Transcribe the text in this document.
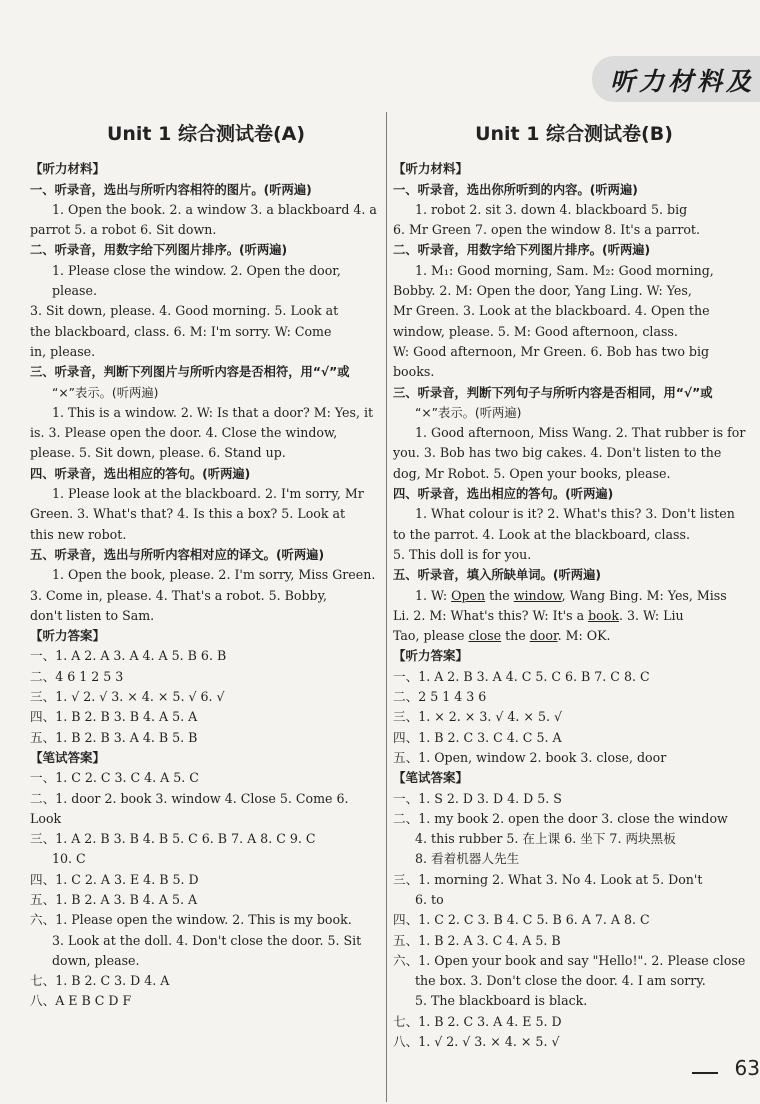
听力材料及
Unit 1 综合测试卷(A)
【听力材料】
一、听录音，选出与所听内容相符的图片。(听两遍)
1. Open the book. 2. a window 3. a blackboard 4. a
parrot 5. a robot 6. Sit down.
二、听录音，用数字给下列图片排序。(听两遍)
1. Please close the window. 2. Open the door, please.
3. Sit down, please. 4. Good morning. 5. Look at
the blackboard, class. 6. M: I'm sorry. W: Come
in, please.
三、听录音，判断下列图片与所听内容是否相符，用“√”或
“×”表示。(听两遍)
1. This is a window. 2. W: Is that a door? M: Yes, it
is. 3. Please open the door. 4. Close the window,
please. 5. Sit down, please. 6. Stand up.
四、听录音，选出相应的答句。(听两遍)
1. Please look at the blackboard. 2. I'm sorry, Mr
Green. 3. What's that? 4. Is this a box? 5. Look at
this new robot.
五、听录音，选出与所听内容相对应的译文。(听两遍)
1. Open the book, please. 2. I'm sorry, Miss Green.
3. Come in, please. 4. That's a robot. 5. Bobby,
don't listen to Sam.
【听力答案】
一、1. A 2. A 3. A 4. A 5. B 6. B
二、4 6 1 2 5 3
三、1. √ 2. √ 3. × 4. × 5. √ 6. √
四、1. B 2. B 3. B 4. A 5. A
五、1. B 2. B 3. A 4. B 5. B
【笔试答案】
一、1. C 2. C 3. C 4. A 5. C
二、1. door 2. book 3. window 4. Close 5. Come 6. Look
三、1. A 2. B 3. B 4. B 5. C 6. B 7. A 8. C 9. C
10. C
四、1. C 2. A 3. E 4. B 5. D
五、1. B 2. A 3. B 4. A 5. A
六、1. Please open the window. 2. This is my book.
3. Look at the doll. 4. Don't close the door. 5. Sit
down, please.
七、1. B 2. C 3. D 4. A
八、A E B C D F
Unit 1 综合测试卷(B)
【听力材料】
一、听录音，选出你所听到的内容。(听两遍)
1. robot 2. sit 3. down 4. blackboard 5. big
6. Mr Green 7. open the window 8. It's a parrot.
二、听录音，用数字给下列图片排序。(听两遍)
1. M₁: Good morning, Sam. M₂: Good morning,
Bobby. 2. M: Open the door, Yang Ling. W: Yes,
Mr Green. 3. Look at the blackboard. 4. Open the
window, please. 5. M: Good afternoon, class.
W: Good afternoon, Mr Green. 6. Bob has two big
books.
三、听录音，判断下列句子与所听内容是否相同，用“√”或
“×”表示。(听两遍)
1. Good afternoon, Miss Wang. 2. That rubber is for
you. 3. Bob has two big cakes. 4. Don't listen to the
dog, Mr Robot. 5. Open your books, please.
四、听录音，选出相应的答句。(听两遍)
1. What colour is it? 2. What's this? 3. Don't listen
to the parrot. 4. Look at the blackboard, class.
5. This doll is for you.
五、听录音，填入所缺单词。(听两遍)
1. W: Open the window, Wang Bing. M: Yes, Miss
Li. 2. M: What's this? W: It's a book. 3. W: Liu
Tao, please close the door. M: OK.
【听力答案】
一、1. A 2. B 3. A 4. C 5. C 6. B 7. C 8. C
二、2 5 1 4 3 6
三、1. × 2. × 3. √ 4. × 5. √
四、1. B 2. C 3. C 4. C 5. A
五、1. Open, window 2. book 3. close, door
【笔试答案】
一、1. S 2. D 3. D 4. D 5. S
二、1. my book 2. open the door 3. close the window
4. this rubber 5. 在上课 6. 坐下 7. 两块黑板
8. 看着机器人先生
三、1. morning 2. What 3. No 4. Look at 5. Don't
6. to
四、1. C 2. C 3. B 4. C 5. B 6. A 7. A 8. C
五、1. B 2. A 3. C 4. A 5. B
六、1. Open your book and say "Hello!". 2. Please close
the box. 3. Don't close the door. 4. I am sorry.
5. The blackboard is black.
七、1. B 2. C 3. A 4. E 5. D
八、1. √ 2. √ 3. × 4. × 5. √
63
